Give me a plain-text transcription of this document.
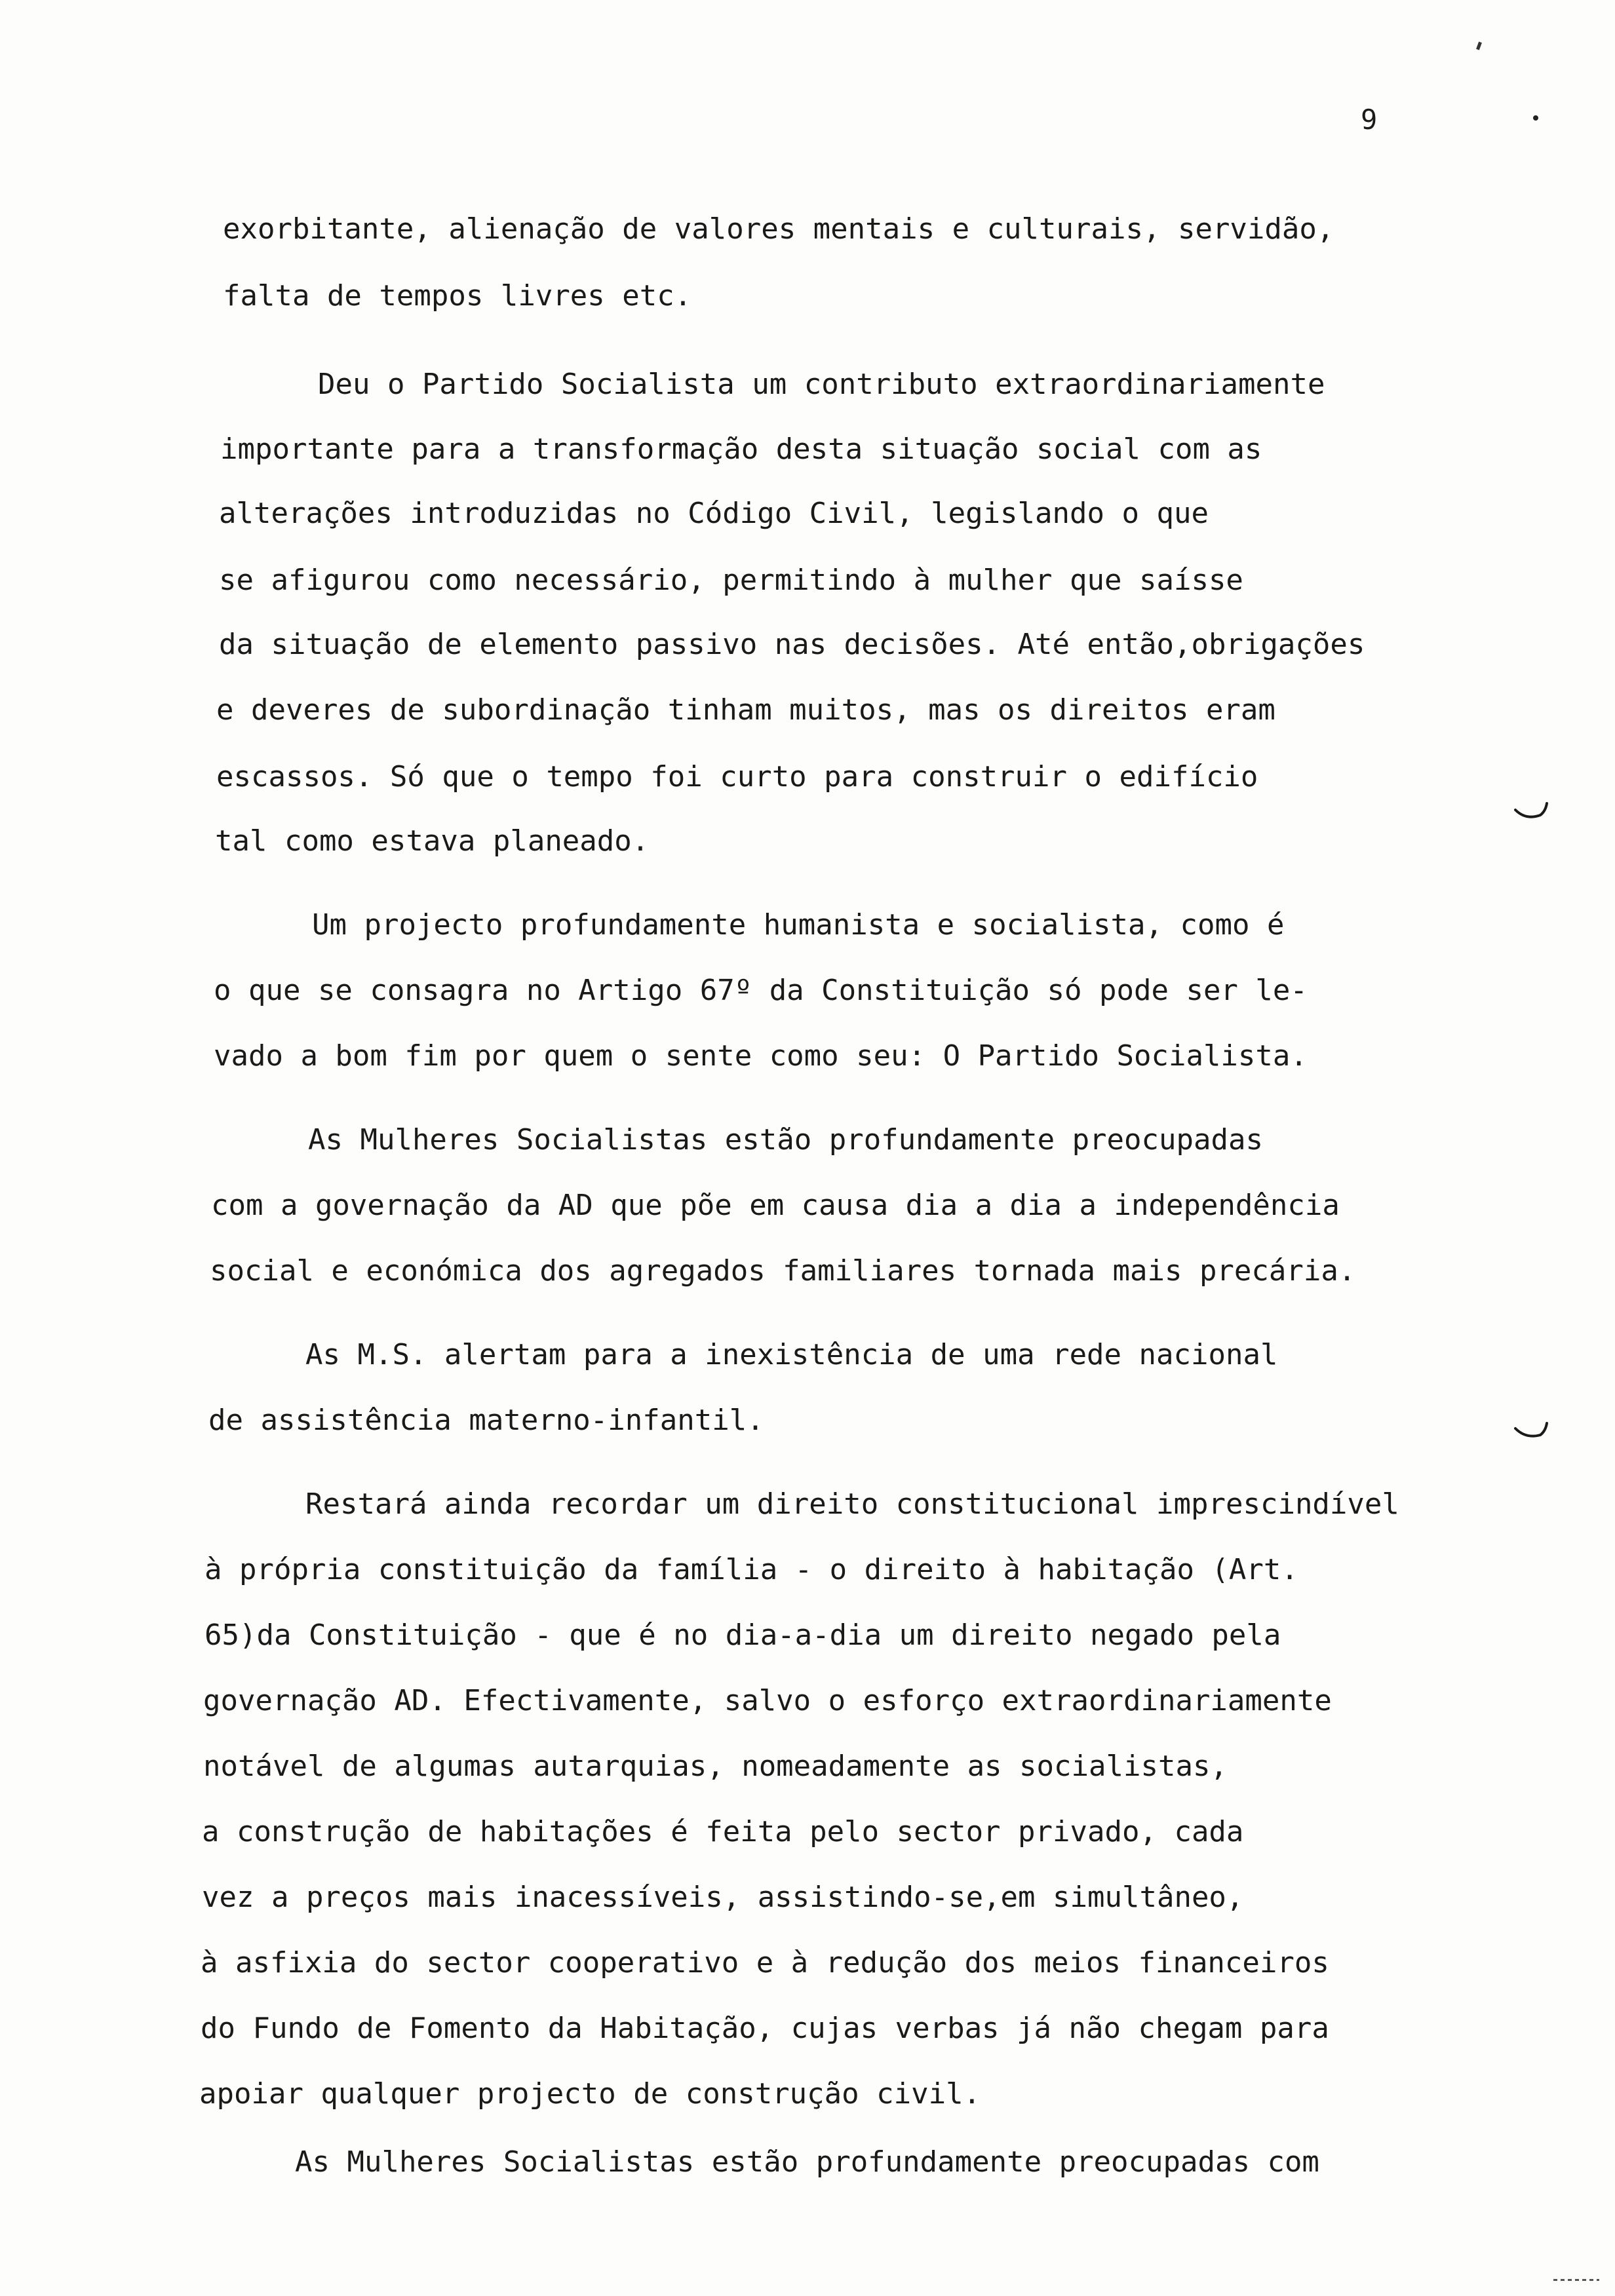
9
exorbitante, alienação de valores mentais e culturais, servidão,
falta de tempos livres etc.
Deu o Partido Socialista um contributo extraordinariamente
importante para a transformação desta situação social com as
alterações introduzidas no Código Civil, legislando o que
se afigurou como necessário, permitindo à mulher que saísse
da situação de elemento passivo nas decisões. Até então,obrigações
e deveres de subordinação tinham muitos, mas os direitos eram
escassos. Só que o tempo foi curto para construir o edifício
tal como estava planeado.
Um projecto profundamente humanista e socialista, como é
o que se consagra no Artigo 67º da Constituição só pode ser le-
vado a bom fim por quem o sente como seu: O Partido Socialista.
As Mulheres Socialistas estão profundamente preocupadas
com a governação da AD que põe em causa dia a dia a independência
social e económica dos agregados familiares tornada mais precária.
As M.S. alertam para a inexistência de uma rede nacional
de assistência materno-infantil.
Restará ainda recordar um direito constitucional imprescindível
à própria constituição da família - o direito à habitação (Art.
65)da Constituição - que é no dia-a-dia um direito negado pela
governação AD. Efectivamente, salvo o esforço extraordinariamente
notável de algumas autarquias, nomeadamente as socialistas,
a construção de habitações é feita pelo sector privado, cada
vez a preços mais inacessíveis, assistindo-se,em simultâneo,
à asfixia do sector cooperativo e à redução dos meios financeiros
do Fundo de Fomento da Habitação, cujas verbas já não chegam para
apoiar qualquer projecto de construção civil.
As Mulheres Socialistas estão profundamente preocupadas com
